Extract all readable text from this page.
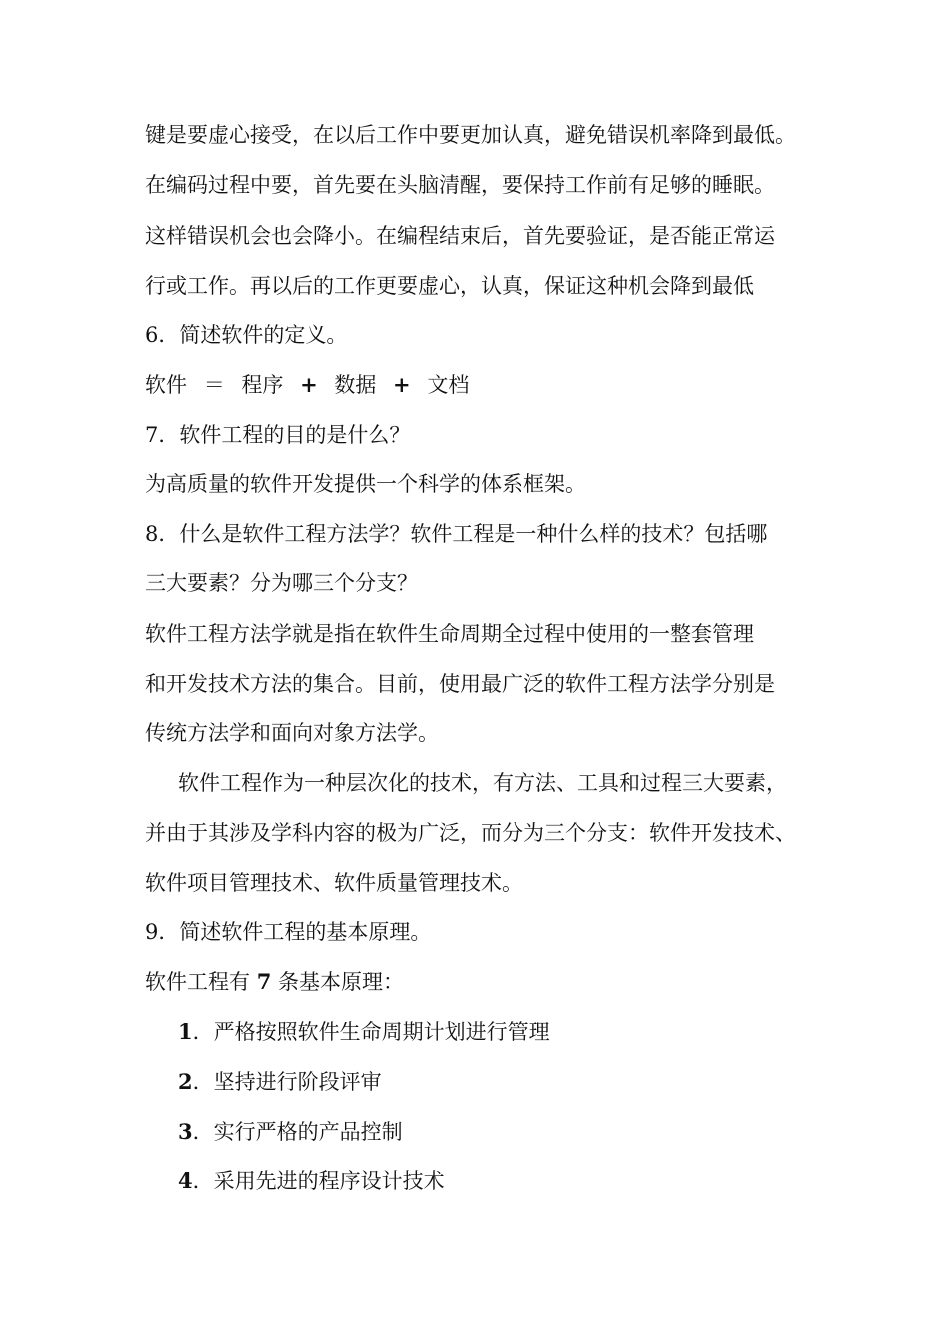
键是要虚心接受，在以后工作中要更加认真，避免错误机率降到最低。
在编码过程中要，首先要在头脑清醒，要保持工作前有足够的睡眠。
这样错误机会也会降小。在编程结束后，首先要验证，是否能正常运
行或工作。再以后的工作更要虚心，认真，保证这种机会降到最低
6．简述软件的定义。
软件 ＝ 程序 + 数据 + 文档
7．软件工程的目的是什么？
为高质量的软件开发提供一个科学的体系框架。
8．什么是软件工程方法学？软件工程是一种什么样的技术？包括哪
三大要素？分为哪三个分支？
软件工程方法学就是指在软件生命周期全过程中使用的一整套管理
和开发技术方法的集合。目前，使用最广泛的软件工程方法学分别是
传统方法学和面向对象方法学。
软件工程作为一种层次化的技术，有方法、工具和过程三大要素，
并由于其涉及学科内容的极为广泛，而分为三个分支：软件开发技术、
软件项目管理技术、软件质量管理技术。
9．简述软件工程的基本原理。
软件工程有 7 条基本原理：
1．严格按照软件生命周期计划进行管理
2．坚持进行阶段评审
3．实行严格的产品控制
4．采用先进的程序设计技术
